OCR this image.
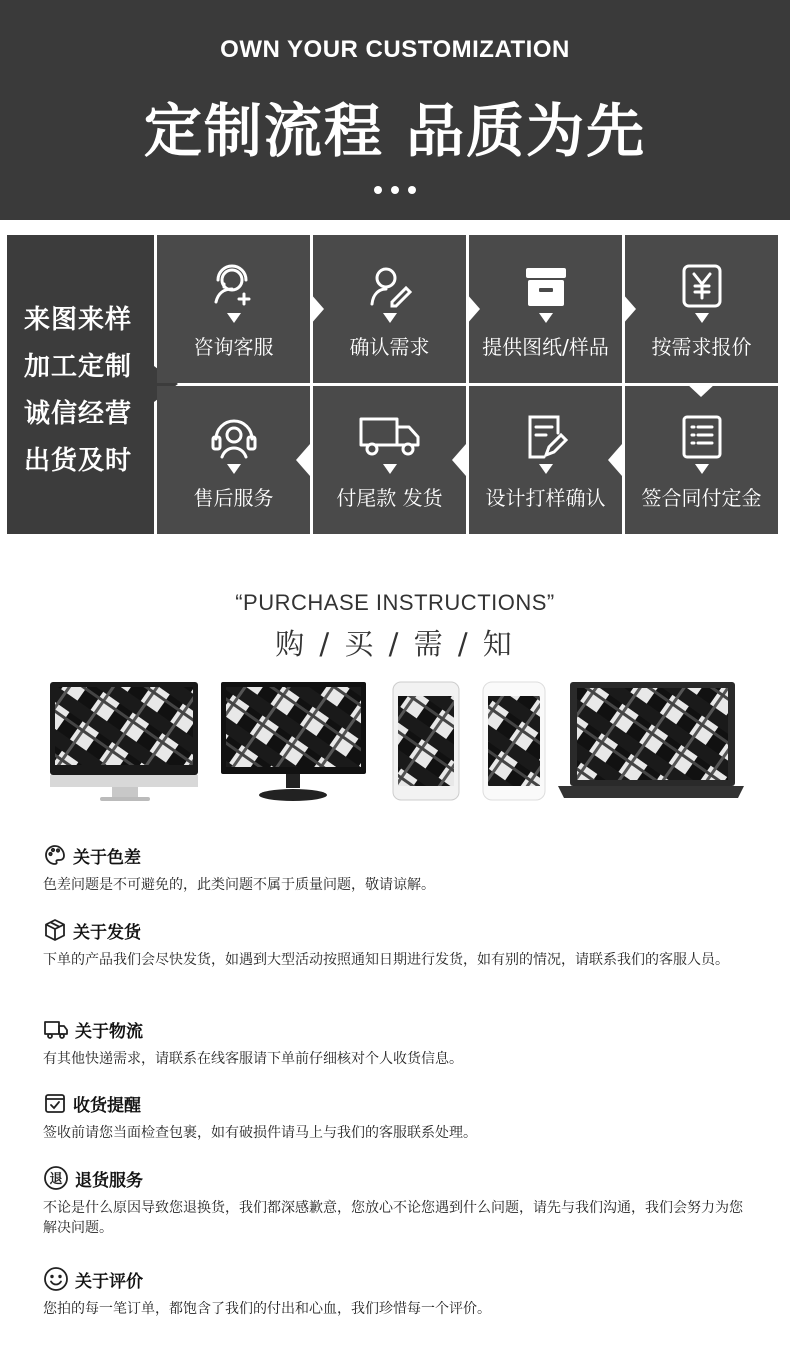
OWN YOUR CUSTOMIZATION
定制流程 品质为先
来图来样
加工定制
诚信经营
出货及时
咨询客服	确认需求	提供图纸/样品	按需求报价
售后服务	付尾款 发货	设计打样确认	签合同付定金
“PURCHASE INSTRUCTIONS”
购 / 买 / 需 / 知
关于色差
色差问题是不可避免的，此类问题不属于质量问题，敬请谅解。
关于发货
下单的产品我们会尽快发货，如遇到大型活动按照通知日期进行发货，如有别的情况，请联系我们的客服人员。
关于物流
有其他快递需求，请联系在线客服请下单前仔细核对个人收货信息。
收货提醒
签收前请您当面检查包裹，如有破损件请马上与我们的客服联系处理。
退 退货服务
不论是什么原因导致您退换货，我们都深感歉意，您放心不论您遇到什么问题，请先与我们沟通，我们会努力为您解决问题。
关于评价
您拍的每一笔订单，都饱含了我们的付出和心血，我们珍惜每一个评价。
